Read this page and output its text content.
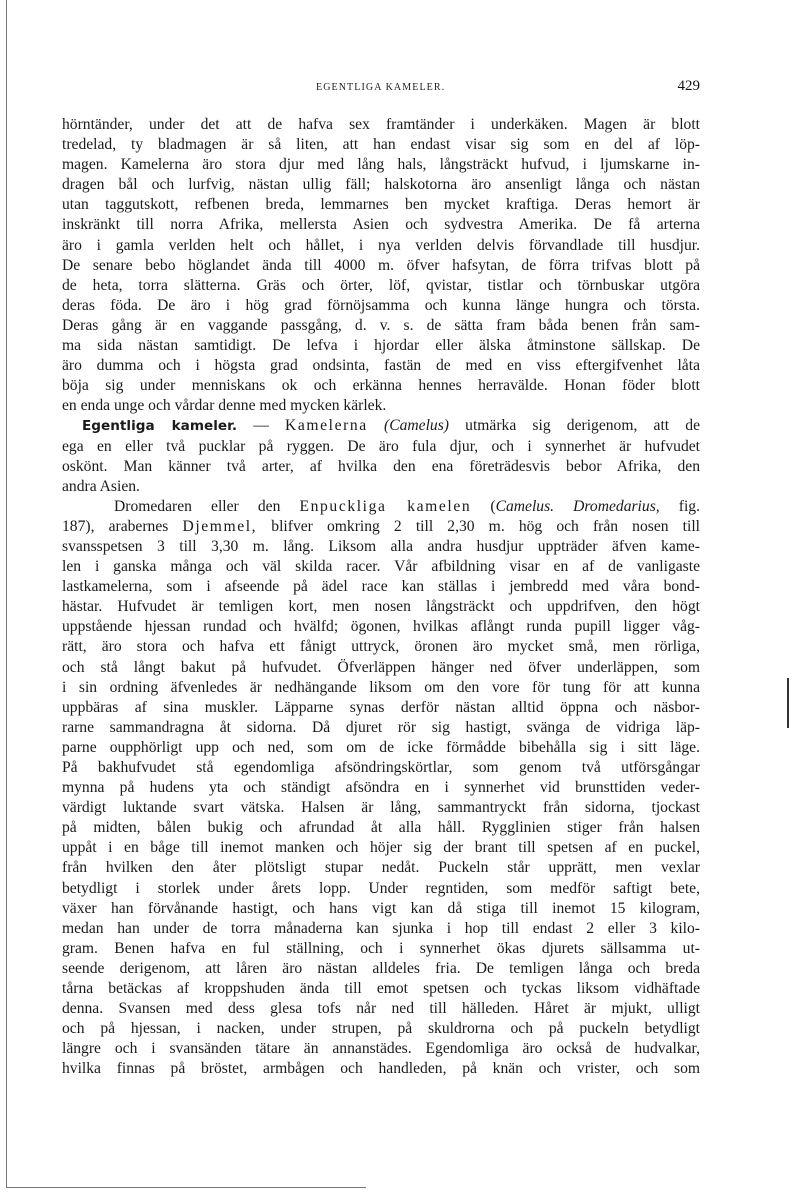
EGENTLIGA KAMELER.	429
hörntänder, under det att de hafva sex framtänder i underkäken. Magen är blott
tredelad, ty bladmagen är så liten, att han endast visar sig som en del af löp-
magen. Kamelerna äro stora djur med lång hals, långsträckt hufvud, i ljumskarne in-
dragen bål och lurfvig, nästan ullig fäll; halskotorna äro ansenligt långa och nästan
utan taggutskott, refbenen breda, lemmarnes ben mycket kraftiga. Deras hemort är
inskränkt till norra Afrika, mellersta Asien och sydvestra Amerika. De få arterna
äro i gamla verlden helt och hållet, i nya verlden delvis förvandlade till husdjur.
De senare bebo höglandet ända till 4000 m. öfver hafsytan, de förra trifvas blott på
de heta, torra slätterna. Gräs och örter, löf, qvistar, tistlar och törnbuskar utgöra
deras föda. De äro i hög grad förnöjsamma och kunna länge hungra och törsta.
Deras gång är en vaggande passgång, d. v. s. de sätta fram båda benen från sam-
ma sida nästan samtidigt. De lefva i hjordar eller älska åtminstone sällskap. De
äro dumma och i högsta grad ondsinta, fastän de med en viss eftergifvenhet låta
böja sig under menniskans ok och erkänna hennes herravälde. Honan föder blott
en enda unge och vårdar denne med mycken kärlek.
Egentliga kameler. — Kamelerna (Camelus) utmärka sig derigenom, att de
ega en eller två pucklar på ryggen. De äro fula djur, och i synnerhet är hufvudet
oskönt. Man känner två arter, af hvilka den ena företrädesvis bebor Afrika, den
andra Asien.
Dromedaren eller den Enpuckliga kamelen (Camelus. Dromedarius, fig.
187), arabernes Djemmel, blifver omkring 2 till 2,30 m. hög och från nosen till
svansspetsen 3 till 3,30 m. lång. Liksom alla andra husdjur uppträder äfven kame-
len i ganska många och väl skilda racer. Vår afbildning visar en af de vanligaste
lastkamelerna, som i afseende på ädel race kan ställas i jembredd med våra bond-
hästar. Hufvudet är temligen kort, men nosen långsträckt och uppdrifven, den högt
uppstående hjessan rundad och hvälfd; ögonen, hvilkas aflångt runda pupill ligger våg-
rätt, äro stora och hafva ett fånigt uttryck, öronen äro mycket små, men rörliga,
och stå långt bakut på hufvudet. Öfverläppen hänger ned öfver underläppen, som
i sin ordning äfvenledes är nedhängande liksom om den vore för tung för att kunna
uppbäras af sina muskler. Läpparne synas derför nästan alltid öppna och näsbor-
rarne sammandragna åt sidorna. Då djuret rör sig hastigt, svänga de vidriga läp-
parne oupphörligt upp och ned, som om de icke förmådde bibehålla sig i sitt läge.
På bakhufvudet stå egendomliga afsöndringskörtlar, som genom två utförsgångar
mynna på hudens yta och ständigt afsöndra en i synnerhet vid brunsttiden veder-
värdigt luktande svart vätska. Halsen är lång, sammantryckt från sidorna, tjockast
på midten, bålen bukig och afrundad åt alla håll. Rygglinien stiger från halsen
uppåt i en båge till inemot manken och höjer sig der brant till spetsen af en puckel,
från hvilken den åter plötsligt stupar nedåt. Puckeln står upprätt, men vexlar
betydligt i storlek under årets lopp. Under regntiden, som medför saftigt bete,
växer han förvånande hastigt, och hans vigt kan då stiga till inemot 15 kilogram,
medan han under de torra månaderna kan sjunka i hop till endast 2 eller 3 kilo-
gram. Benen hafva en ful ställning, och i synnerhet ökas djurets sällsamma ut-
seende derigenom, att låren äro nästan alldeles fria. De temligen långa och breda
tårna betäckas af kroppshuden ända till emot spetsen och tyckas liksom vidhäftade
denna. Svansen med dess glesa tofs når ned till hälleden. Håret är mjukt, ulligt
och på hjessan, i nacken, under strupen, på skuldrorna och på puckeln betydligt
längre och i svansänden tätare än annanstädes. Egendomliga äro också de hudvalkar,
hvilka finnas på bröstet, armbågen och handleden, på knän och vrister, och som
